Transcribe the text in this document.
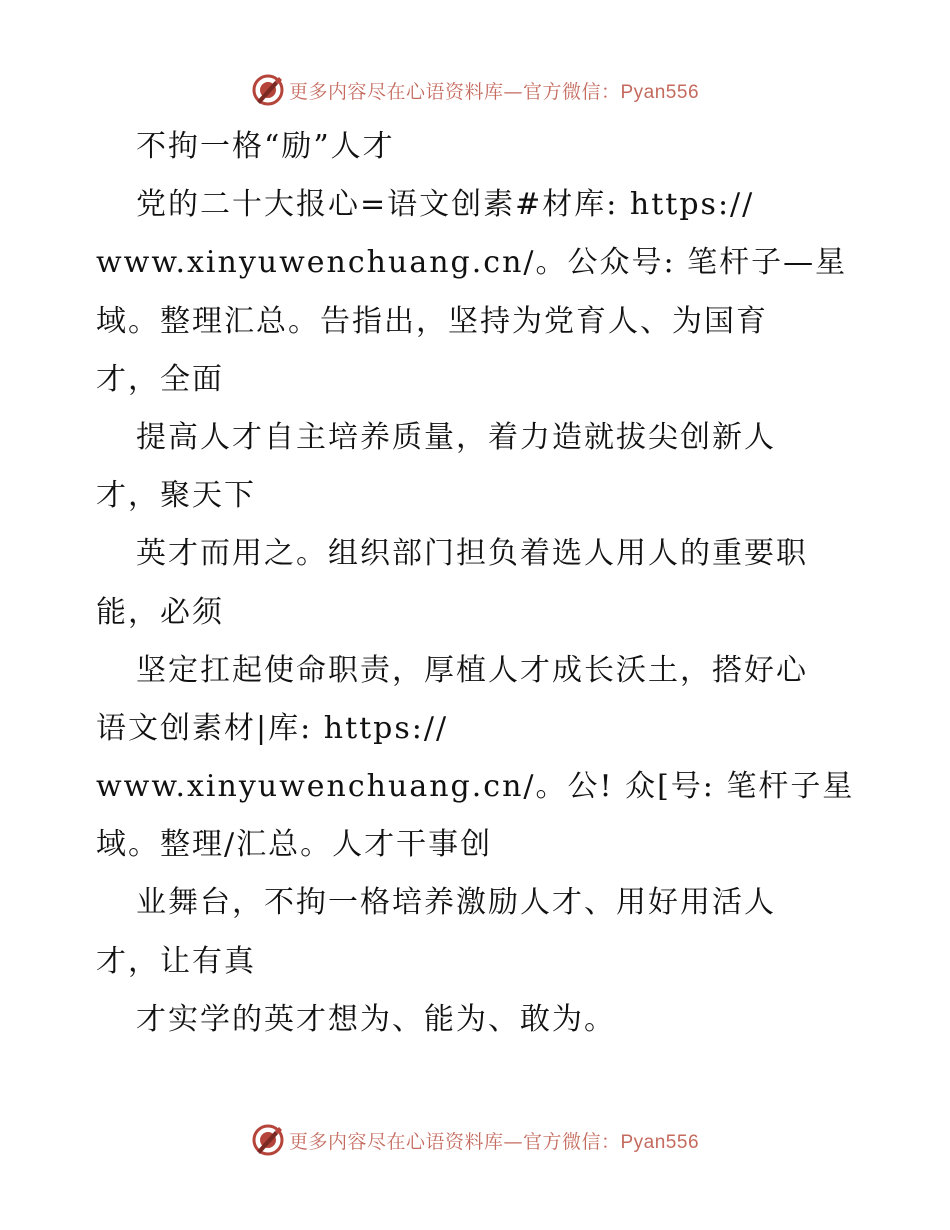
更多内容尽在心语资料库—官方微信：Pyan556
不拘一格“励”人才
党的二十大报心=语文创素#材库: https://
www.xinyuwenchuang.cn/。公众号: 笔杆子—星
域。整理汇总。告指出，坚持为党育人、为国育
才，全面
提高人才自主培养质量，着力造就拔尖创新人
才，聚天下
英才而用之。组织部门担负着选人用人的重要职
能，必须
坚定扛起使命职责，厚植人才成长沃土，搭好心
语文创素材|库: https://
www.xinyuwenchuang.cn/。公! 众[号: 笔杆子星
域。整理/汇总。人才干事创
业舞台，不拘一格培养激励人才、用好用活人
才，让有真
才实学的英才想为、能为、敢为。
更多内容尽在心语资料库—官方微信：Pyan556
